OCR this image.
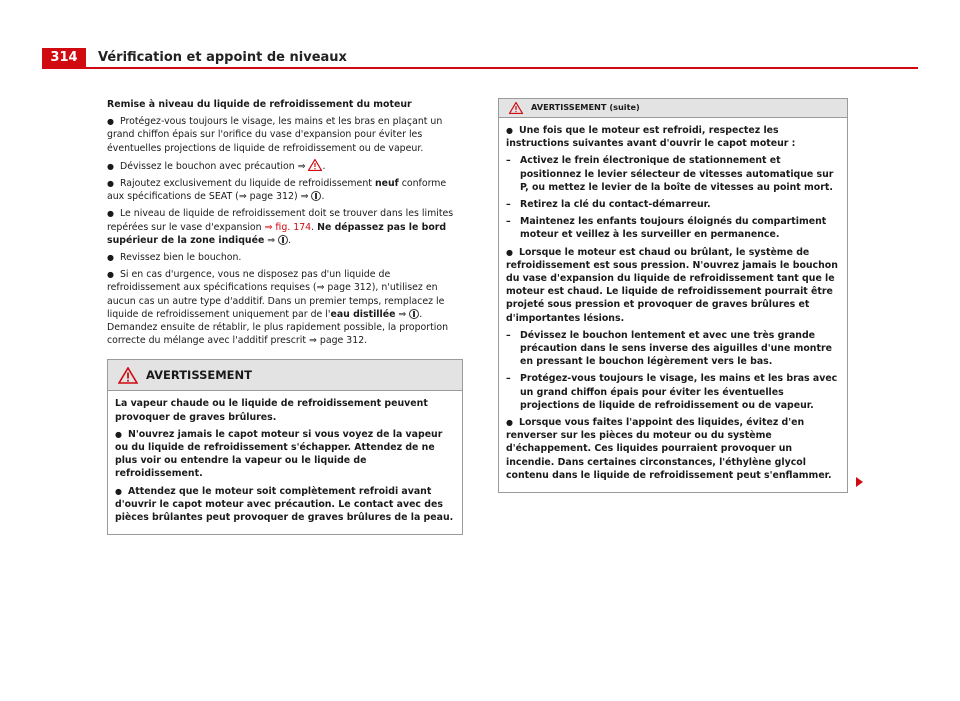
314	Vérification et appoint de niveaux
Remise à niveau du liquide de refroidissement du moteur

● Protégez-vous toujours le visage, les mains et les bras en plaçant un grand chiffon épais sur l'orifice du vase d'expansion pour éviter les éventuelles projections de liquide de refroidissement ou de vapeur.

● Dévissez le bouchon avec précaution ⇒ .

● Rajoutez exclusivement du liquide de refroidissement neuf conforme aux spécifications de SEAT (⇒ page 312) ⇒ .

● Le niveau de liquide de refroidissement doit se trouver dans les limites repérées sur le vase d'expansion ⇒ fig. 174. Ne dépassez pas le bord supérieur de la zone indiquée ⇒ .

● Revissez bien le bouchon.

● Si en cas d'urgence, vous ne disposez pas d'un liquide de refroidissement aux spécifications requises (⇒ page 312), n'utilisez en aucun cas un autre type d'additif. Dans un premier temps, remplacez le liquide de refroidissement uniquement par de l'eau distillée ⇒ . Demandez ensuite de rétablir, le plus rapidement possible, la proportion correcte du mélange avec l'additif prescrit ⇒ page 312.

AVERTISSEMENT

La vapeur chaude ou le liquide de refroidissement peuvent provoquer de graves brûlures.

● N'ouvrez jamais le capot moteur si vous voyez de la vapeur ou du liquide de refroidissement s'échapper. Attendez de ne plus voir ou entendre la vapeur ou le liquide de refroidissement.

● Attendez que le moteur soit complètement refroidi avant d'ouvrir le capot moteur avec précaution. Le contact avec des pièces brûlantes peut provoquer de graves brûlures de la peau.

AVERTISSEMENT (suite)

● Une fois que le moteur est refroidi, respectez les instructions suivantes avant d'ouvrir le capot moteur :

– Activez le frein électronique de stationnement et positionnez le levier sélecteur de vitesses automatique sur P, ou mettez le levier de la boîte de vitesses au point mort.

– Retirez la clé du contact-démarreur.

– Maintenez les enfants toujours éloignés du compartiment moteur et veillez à les surveiller en permanence.

● Lorsque le moteur est chaud ou brûlant, le système de refroidissement est sous pression. N'ouvrez jamais le bouchon du vase d'expansion du liquide de refroidissement tant que le moteur est chaud. Le liquide de refroidissement pourrait être projeté sous pression et provoquer de graves brûlures et d'importantes lésions.

– Dévissez le bouchon lentement et avec une très grande précaution dans le sens inverse des aiguilles d'une montre en pressant le bouchon légèrement vers le bas.

– Protégez-vous toujours le visage, les mains et les bras avec un grand chiffon épais pour éviter les éventuelles projections de liquide de refroidissement ou de vapeur.

● Lorsque vous faites l'appoint des liquides, évitez d'en renverser sur les pièces du moteur ou du système d'échappement. Ces liquides pourraient provoquer un incendie. Dans certaines circonstances, l'éthylène glycol contenu dans le liquide de refroidissement peut s'enflammer.
